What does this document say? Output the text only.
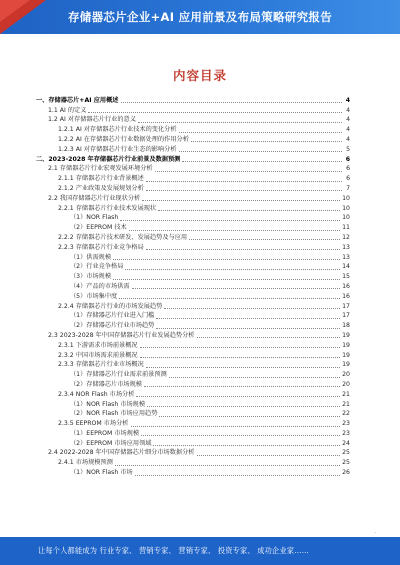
存储器芯片企业+AI 应用前景及布局策略研究报告
内容目录
一、存储器芯片+AI 应用概述	4
1.1 AI 的定义	4
1.2 AI 对存储器芯片行业的意义	4
1.2.1 AI 对存储器芯片行业技术的变化分析	4
1.2.2 AI 在存储器芯片行业数据处理的作用分析	4
1.2.3 AI 对存储器芯片行业生态的影响分析	5
二、2023-2028 年存储器芯片行业前景及数据预测	6
2.1 存储器芯片行业宏观发展环境分析	6
2.1.1 存储器芯片行业背景概述	6
2.1.2 产业政策及发展规划分析	7
2.2 我国存储器芯片行业现状分析	10
2.2.1 存储器芯片行业技术发展现状	10
（1）NOR Flash	10
（2）EEPROM 技术	11
2.2.2 存储器芯片技术研发、发展趋势及与应用	12
2.2.3 存储器芯片行业竞争格局	13
（1）供需规模	13
（2）行业竞争格局	14
（3）市场规模	15
（4）产品的市场供需	16
（5）市场集中度	16
2.2.4 存储器芯片行业的市场发展趋势	17
（1）存储器芯片行业进入门槛	17
（2）存储器芯片行业市场趋势	18
2.3 2023-2028 年中国存储器芯片行业发展趋势分析	19
2.3.1 下游需求市场前景概况	19
2.3.2 中国市场需求前景概况	19
2.3.3 存储器芯片行业市场概况	19
（1）存储器芯片行业需求前景预测	20
（2）存储器芯片市场规模	20
2.3.4 NOR Flash 市场分析	21
（1）NOR Flash 市场规模	21
（2）NOR Flash 市场应用趋势	22
2.3.5 EEPROM 市场分析	23
（1）EEPROM 市场规模	23
（2）EEPROM 市场应用领域	24
2.4 2022-2028 年中国存储器芯片细分市场数据分析	25
2.4.1 市场规模预测	25
（1）NOR Flash 市场	26
·
让每个人都能成为 行业专家、 营销专家、 营销专家、 投资专家、 成功企业家……
